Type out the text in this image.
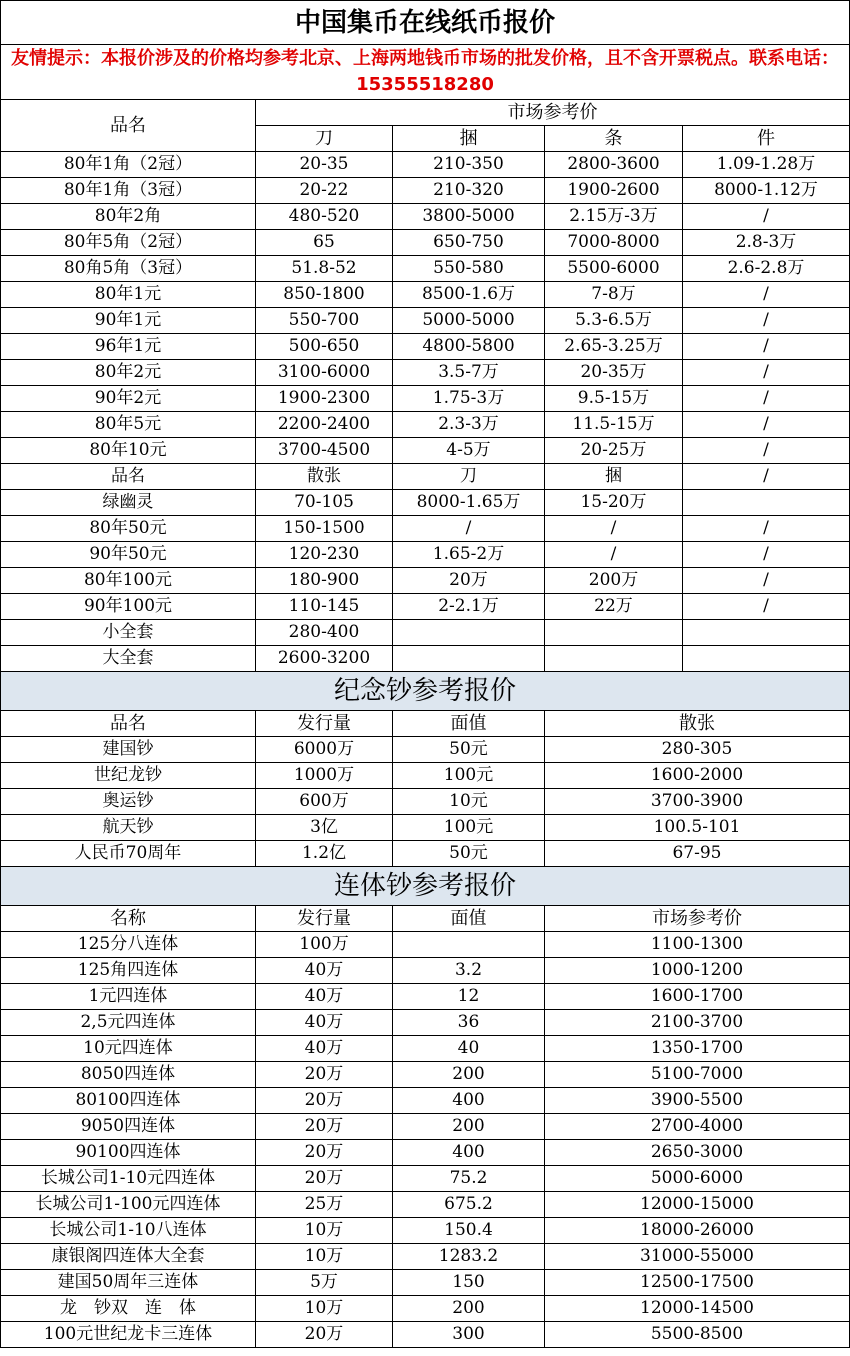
中国集币在线纸币报价				
友情提示：本报价涉及的价格均参考北京、上海两地钱币市场的批发价格，且不含开票税点。联系电话：15355518280				
品名	市场参考价			
	刀	捆	条	件
80年1角（2冠）	20-35	210-350	2800-3600	1.09-1.28万
80年1角（3冠）	20-22	210-320	1900-2600	8000-1.12万
80年2角	480-520	3800-5000	2.15万-3万	/
80年5角（2冠）	65	650-750	7000-8000	2.8-3万
80角5角（3冠）	51.8-52	550-580	5500-6000	2.6-2.8万
80年1元	850-1800	8500-1.6万	7-8万	/
90年1元	550-700	5000-5000	5.3-6.5万	/
96年1元	500-650	4800-5800	2.65-3.25万	/
80年2元	3100-6000	3.5-7万	20-35万	/
90年2元	1900-2300	1.75-3万	9.5-15万	/
80年5元	2200-2400	2.3-3万	11.5-15万	/
80年10元	3700-4500	4-5万	20-25万	/
品名	散张	刀	捆	/
绿幽灵	70-105	8000-1.65万	15-20万	
80年50元	150-1500	/	/	/
90年50元	120-230	1.65-2万	/	/
80年100元	180-900	20万	200万	/
90年100元	110-145	2-2.1万	22万	/
小全套	280-400			
大全套	2600-3200			
纪念钞参考报价				
品名	发行量	面值	散张	
建国钞	6000万	50元	280-305	
世纪龙钞	1000万	100元	1600-2000	
奥运钞	600万	10元	3700-3900	
航天钞	3亿	100元	100.5-101	
人民币70周年	1.2亿	50元	67-95	
连体钞参考报价				
名称	发行量	面值	市场参考价	
125分八连体	100万		1100-1300	
125角四连体	40万	3.2	1000-1200	
1元四连体	40万	12	1600-1700	
2,5元四连体	40万	36	2100-3700	
10元四连体	40万	40	1350-1700	
8050四连体	20万	200	5100-7000	
80100四连体	20万	400	3900-5500	
9050四连体	20万	200	2700-4000	
90100四连体	20万	400	2650-3000	
长城公司1-10元四连体	20万	75.2	5000-6000	
长城公司1-100元四连体	25万	675.2	12000-15000	
长城公司1-10八连体	10万	150.4	18000-26000	
康银阁四连体大全套	10万	1283.2	31000-55000	
建国50周年三连体	5万	150	12500-17500	
龙　钞双　连　体	10万	200	12000-14500	
100元世纪龙卡三连体	20万	300	5500-8500	
